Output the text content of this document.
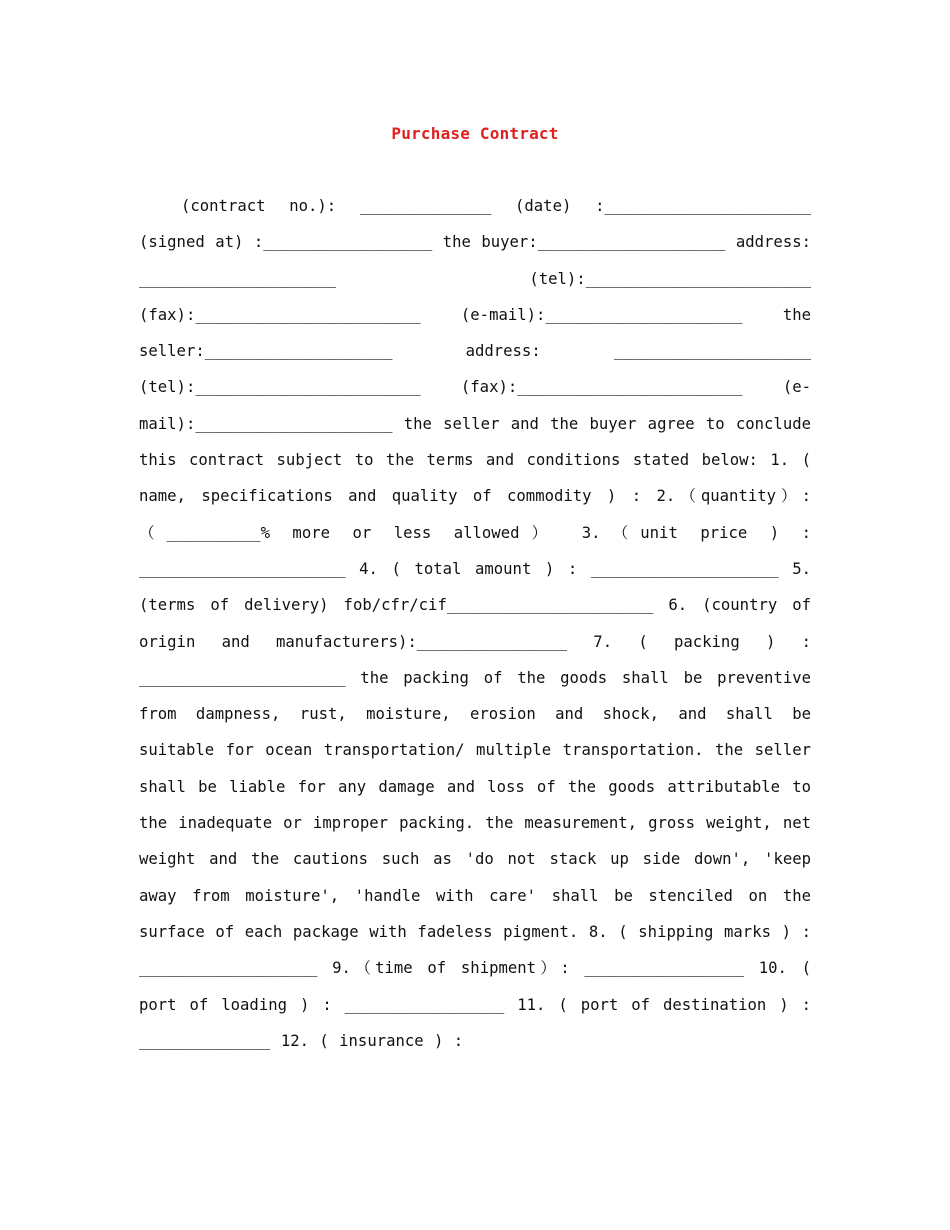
Purchase Contract
(contract no.): ______________ (date) :______________________ (signed at) :__________________ the buyer:____________________ address: _____________________ (tel):________________________ (fax):________________________ (e-mail):_____________________ the seller:____________________ address: _____________________ (tel):________________________ (fax):________________________ (e-mail):_____________________ the seller and the buyer agree to conclude this contract subject to the terms and conditions stated below: 1. ( name, specifications and quality of commodity ) : 2.（quantity）: （__________% more or less allowed） 3.（unit price ) : ______________________ 4. ( total amount ) : ____________________ 5. (terms of delivery) fob/cfr/cif______________________ 6. (country of origin and manufacturers):________________ 7. ( packing ) : ______________________ the packing of the goods shall be preventive from dampness, rust, moisture, erosion and shock, and shall be suitable for ocean transportation/ multiple transportation. the seller shall be liable for any damage and loss of the goods attributable to the inadequate or improper packing. the measurement, gross weight, net weight and the cautions such as 'do not stack up side down', 'keep away from moisture', 'handle with care' shall be stenciled on the surface of each package with fadeless pigment. 8. ( shipping marks ) : ___________________ 9.（time of shipment）: _________________ 10. ( port of loading ) : _________________ 11. ( port of destination ) : ______________ 12. ( insurance ) :
